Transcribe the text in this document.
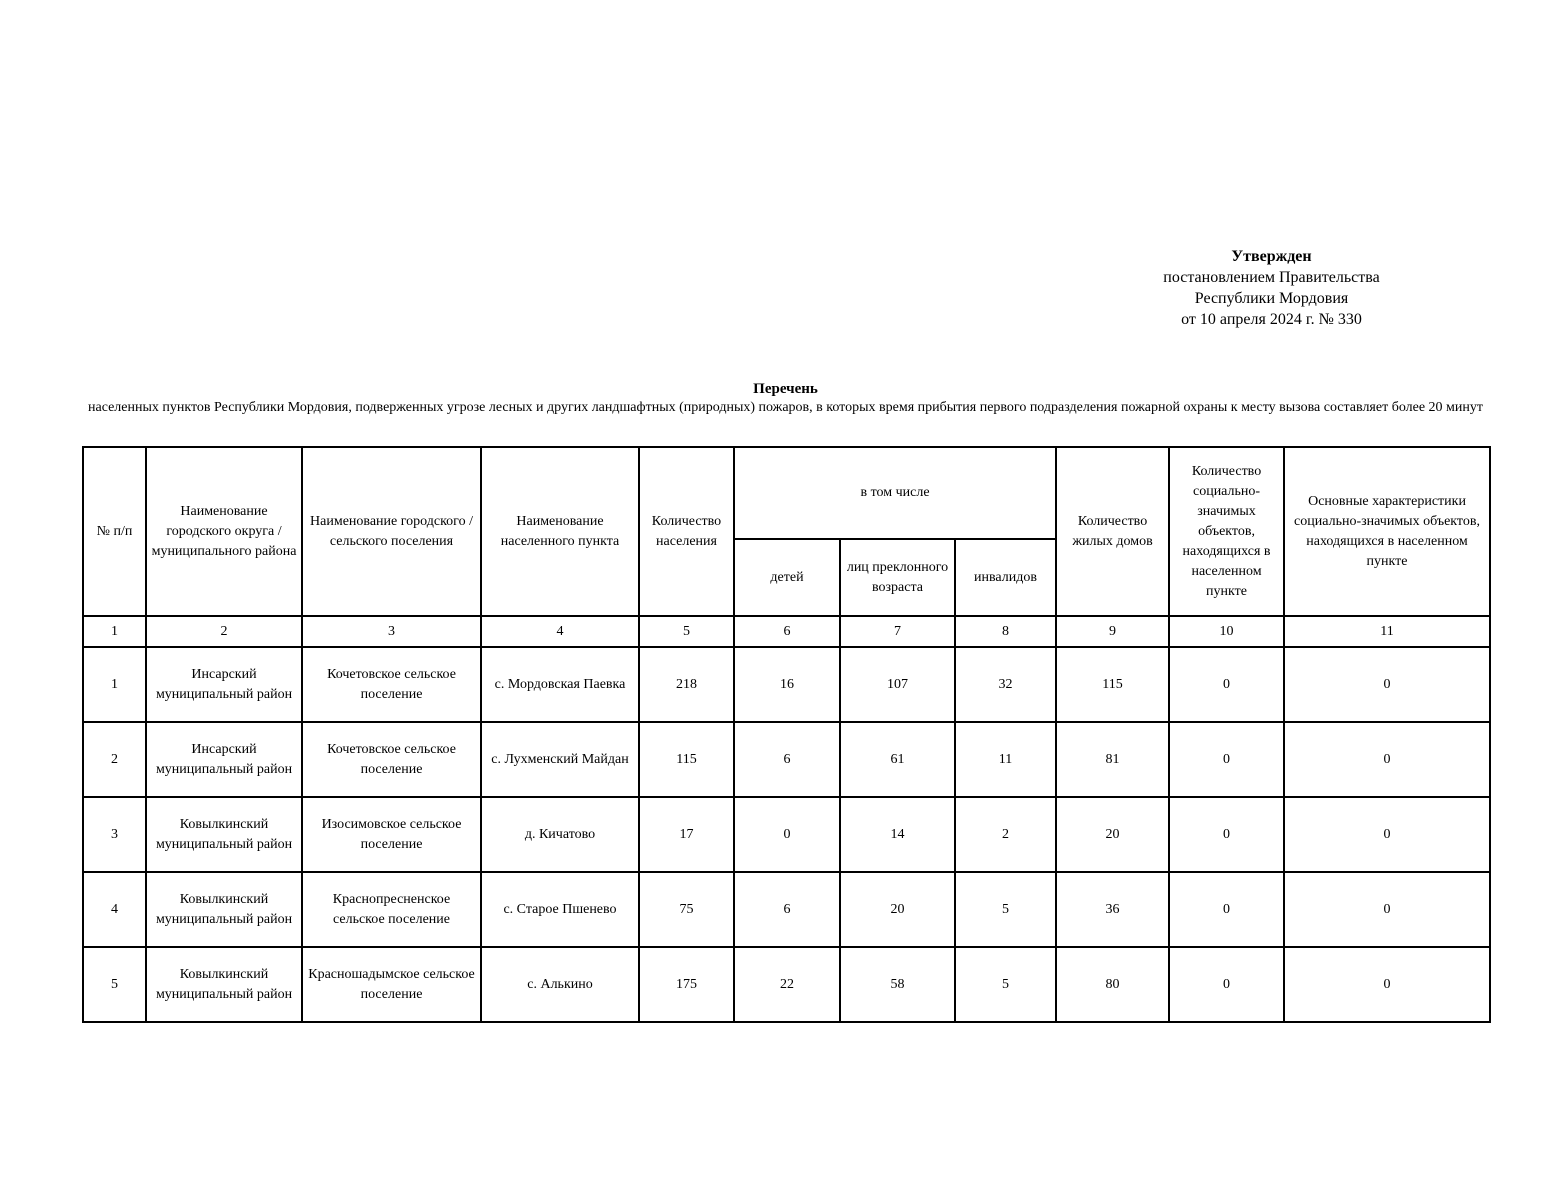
Утвержден
постановлением Правительства
Республики Мордовия
от 10 апреля 2024 г. № 330
Перечень
населенных пунктов Республики Мордовия, подверженных угрозе лесных и других ландшафтных (природных) пожаров, в которых время прибытия первого подразделения пожарной охраны к месту вызова составляет более 20 минут
№ п/п	Наименование городского округа / муниципального района	Наименование городского / сельского поселения	Наименование населенного пункта	Количество населения	в том числе			Количество жилых домов	Количество социально-значимых объектов, находящихся в населенном пункте	Основные характеристики социально-значимых объектов, находящихся в населенном пункте
					детей	лиц преклонного возраста	инвалидов			
1	2	3	4	5	6	7	8	9	10	11
1	Инсарский муниципальный район	Кочетовское сельское поселение	с. Мордовская Паевка	218	16	107	32	115	0	0
2	Инсарский муниципальный район	Кочетовское сельское поселение	с. Лухменский Майдан	115	6	61	11	81	0	0
3	Ковылкинский муниципальный район	Изосимовское сельское поселение	д. Кичатово	17	0	14	2	20	0	0
4	Ковылкинский муниципальный район	Краснопресненское сельское поселение	с. Старое Пшенево	75	6	20	5	36	0	0
5	Ковылкинский муниципальный район	Красношадымское сельское поселение	с. Алькино	175	22	58	5	80	0	0
